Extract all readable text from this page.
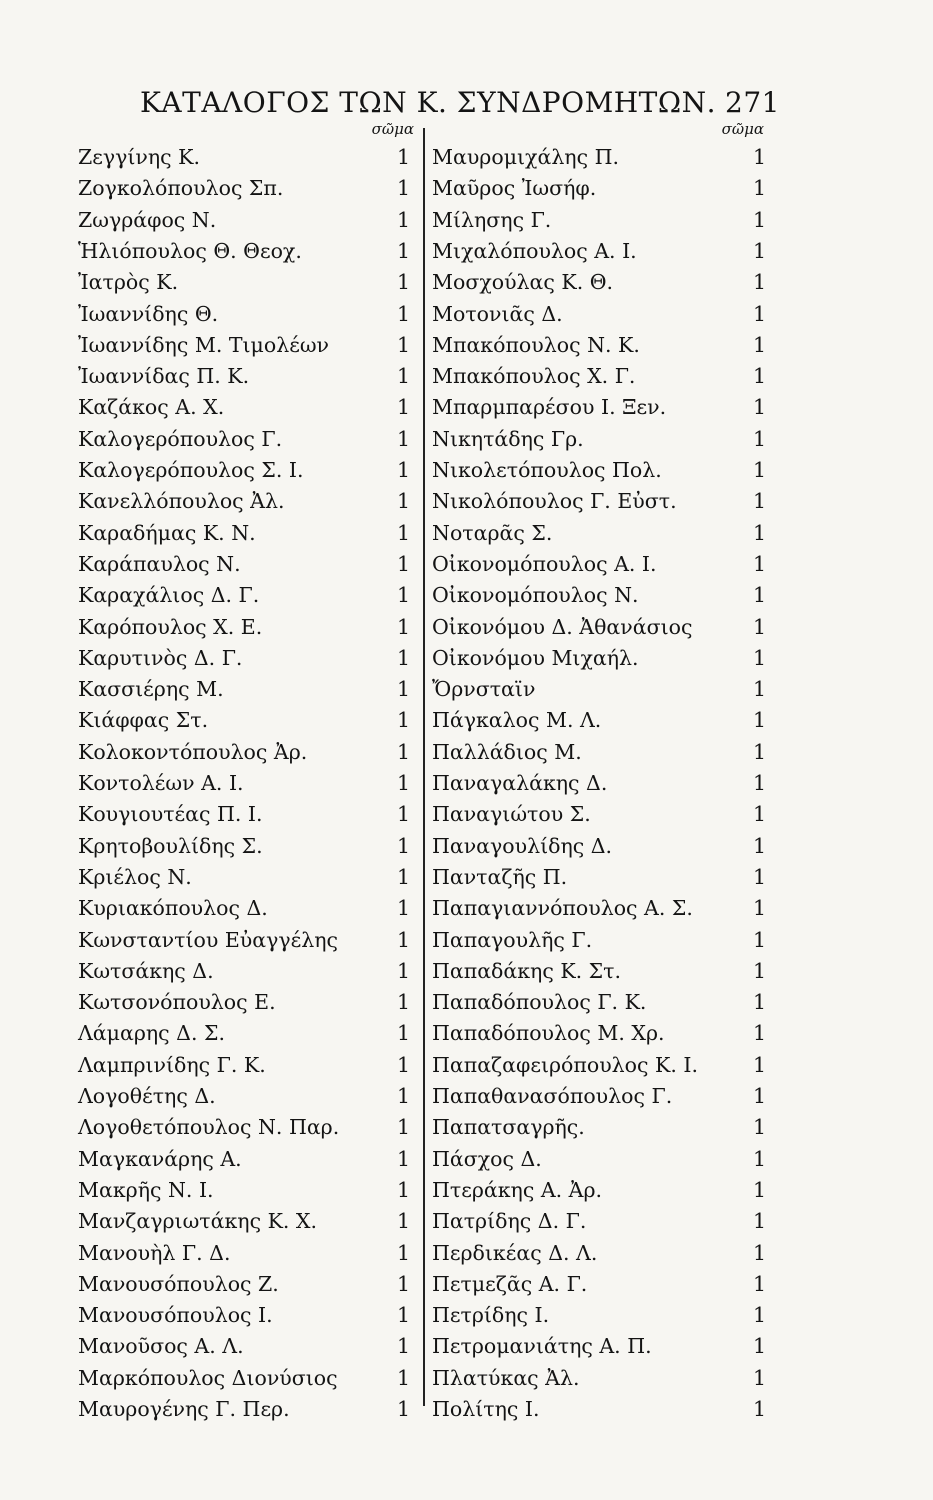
ΚΑΤΑΛΟΓΟΣ ΤΩΝ Κ. ΣΥΝΔΡΟΜΗΤΩΝ. 271
σῶμα
Ζεγγίνης Κ.	1
Ζογκολόπουλος Σπ.	1
Ζωγράφος Ν.	1
Ἡλιόπουλος Θ. Θεοχ.	1
Ἰατρὸς Κ.	1
Ἰωαννίδης Θ.	1
Ἰωαννίδης Μ. Τιμολέων	1
Ἰωαννίδας Π. Κ.	1
Καζάκος Α. Χ.	1
Καλογερόπουλος Γ.	1
Καλογερόπουλος Σ. Ι.	1
Κανελλόπουλος Ἀλ.	1
Καραδήμας Κ. Ν.	1
Καράπαυλος Ν.	1
Καραχάλιος Δ. Γ.	1
Καρόπουλος Χ. Ε.	1
Καρυτινὸς Δ. Γ.	1
Κασσιέρης Μ.	1
Κιάφφας Στ.	1
Κολοκοντόπουλος Ἀρ.	1
Κοντολέων Α. Ι.	1
Κουγιουτέας Π. Ι.	1
Κρητοβουλίδης Σ.	1
Κριέλος Ν.	1
Κυριακόπουλος Δ.	1
Κωνσταντίου Εὐαγγέλης	1
Κωτσάκης Δ.	1
Κωτσονόπουλος Ε.	1
Λάμαρης Δ. Σ.	1
Λαμπρινίδης Γ. Κ.	1
Λογοθέτης Δ.	1
Λογοθετόπουλος Ν. Παρ.	1
Μαγκανάρης Α.	1
Μακρῆς Ν. Ι.	1
Μανζαγριωτάκης Κ. Χ.	1
Μανουὴλ Γ. Δ.	1
Μανουσόπουλος Ζ.	1
Μανουσόπουλος Ι.	1
Μανοῦσος Α. Λ.	1
Μαρκόπουλος Διονύσιος	1
Μαυρογένης Γ. Περ.	1
σῶμα
Μαυρομιχάλης Π.	1
Μαῦρος Ἰωσήφ.	1
Μίλησης Γ.	1
Μιχαλόπουλος Α. Ι.	1
Μοσχούλας Κ. Θ.	1
Μοτονιᾶς Δ.	1
Μπακόπουλος Ν. Κ.	1
Μπακόπουλος Χ. Γ.	1
Μπαρμπαρέσου Ι. Ξεν.	1
Νικητάδης Γρ.	1
Νικολετόπουλος Πολ.	1
Νικολόπουλος Γ. Εὐστ.	1
Νοταρᾶς Σ.	1
Οἰκονομόπουλος Α. Ι.	1
Οἰκονομόπουλος Ν.	1
Οἰκονόμου Δ. Ἀθανάσιος	1
Οἰκονόμου Μιχαήλ.	1
Ὄρνσταϊν	1
Πάγκαλος Μ. Λ.	1
Παλλάδιος Μ.	1
Παναγαλάκης Δ.	1
Παναγιώτου Σ.	1
Παναγουλίδης Δ.	1
Πανταζῆς Π.	1
Παπαγιαννόπουλος Α. Σ.	1
Παπαγουλῆς Γ.	1
Παπαδάκης Κ. Στ.	1
Παπαδόπουλος Γ. Κ.	1
Παπαδόπουλος Μ. Χρ.	1
Παπαζαφειρόπουλος Κ. Ι.	1
Παπαθανασόπουλος Γ.	1
Παπατσαγρῆς.	1
Πάσχος Δ.	1
Πτεράκης Α. Ἀρ.	1
Πατρίδης Δ. Γ.	1
Περδικέας Δ. Λ.	1
Πετμεζᾶς Α. Γ.	1
Πετρίδης Ι.	1
Πετρομανιάτης Α. Π.	1
Πλατύκας Ἀλ.	1
Πολίτης Ι.	1
